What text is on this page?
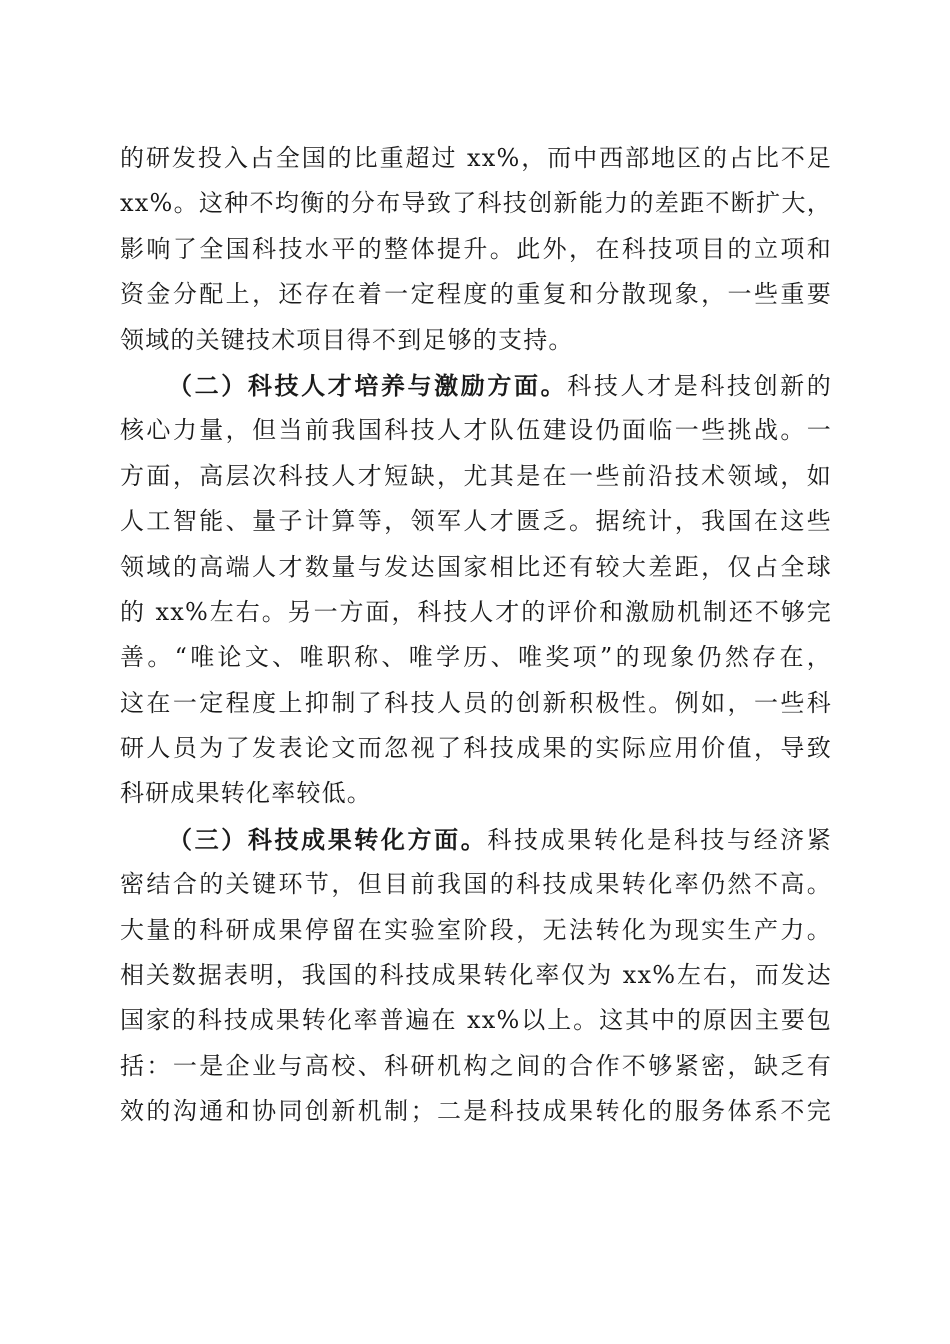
的研发投入占全国的比重超过 xx%，而中西部地区的占比不足
xx%。这种不均衡的分布导致了科技创新能力的差距不断扩大，
影响了全国科技水平的整体提升。此外，在科技项目的立项和
资金分配上，还存在着一定程度的重复和分散现象，一些重要
领域的关键技术项目得不到足够的支持。
（二）科技人才培养与激励方面。科技人才是科技创新的
核心力量，但当前我国科技人才队伍建设仍面临一些挑战。一
方面，高层次科技人才短缺，尤其是在一些前沿技术领域，如
人工智能、量子计算等，领军人才匮乏。据统计，我国在这些
领域的高端人才数量与发达国家相比还有较大差距，仅占全球
的 xx%左右。另一方面，科技人才的评价和激励机制还不够完
善。“唯论文、唯职称、唯学历、唯奖项”的现象仍然存在，
这在一定程度上抑制了科技人员的创新积极性。例如，一些科
研人员为了发表论文而忽视了科技成果的实际应用价值，导致
科研成果转化率较低。
（三）科技成果转化方面。科技成果转化是科技与经济紧
密结合的关键环节，但目前我国的科技成果转化率仍然不高。
大量的科研成果停留在实验室阶段，无法转化为现实生产力。
相关数据表明，我国的科技成果转化率仅为 xx%左右，而发达
国家的科技成果转化率普遍在 xx%以上。这其中的原因主要包
括：一是企业与高校、科研机构之间的合作不够紧密，缺乏有
效的沟通和协同创新机制；二是科技成果转化的服务体系不完
